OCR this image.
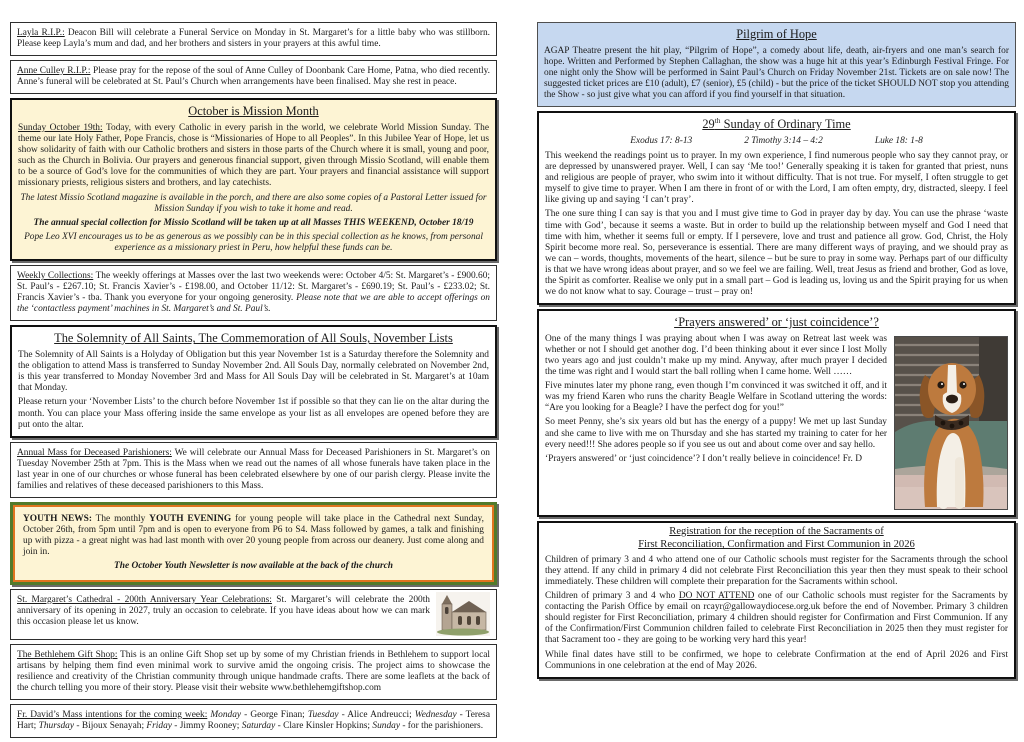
Layla R.I.P.: Deacon Bill will celebrate a Funeral Service on Monday in St. Margaret’s for a little baby who was stillborn. Please keep Layla’s mum and dad, and her brothers and sisters in your prayers at this awful time.

Anne Culley R.I.P.: Please pray for the repose of the soul of Anne Culley of Doonbank Care Home, Patna, who died recently. Anne’s funeral will be celebrated at St. Paul’s Church when arrangements have been finalised. May she rest in peace.

October is Mission Month

Sunday October 19th: Today, with every Catholic in every parish in the world, we celebrate World Mission Sunday. The theme our late Holy Father, Pope Francis, chose is “Missionaries of Hope to all Peoples”. In this Jubilee Year of Hope, let us show solidarity of faith with our Catholic brothers and sisters in those parts of the Church where it is small, young and poor, such as the Church in Bolivia. Our prayers and generous financial support, given through Missio Scotland, will enable them to be a source of God’s love for the communities of which they are part. Your prayers and financial assistance will support missionary priests, religious sisters and brothers, and lay catechists.

The latest Missio Scotland magazine is available in the porch, and there are also some copies of a Pastoral Letter issued for Mission Sunday if you wish to take it home and read.

The annual special collection for Missio Scotland will be taken up at all Masses THIS WEEKEND, October 18/19

Pope Leo XVI encourages us to be as generous as we possibly can be in this special collection as he knows, from personal experience as a missionary priest in Peru, how helpful these funds can be.

Weekly Collections: The weekly offerings at Masses over the last two weekends were: October 4/5: St. Margaret’s - £900.60; St. Paul’s - £267.10; St. Francis Xavier’s - £198.00, and October 11/12: St. Margaret’s - £690.19; St. Paul’s - £233.02; St. Francis Xavier’s - tba. Thank you everyone for your ongoing generosity. Please note that we are able to accept offerings on the ‘contactless payment’ machines in St. Margaret’s and St. Paul’s.

The Solemnity of All Saints, The Commemoration of All Souls, November Lists

The Solemnity of All Saints is a Holyday of Obligation but this year November 1st is a Saturday therefore the Solemnity and the obligation to attend Mass is transferred to Sunday November 2nd. All Souls Day, normally celebrated on November 2nd, is this year transferred to Monday November 3rd and Mass for All Souls Day will be celebrated in St. Margaret’s at 10am that Monday.

Please return your ‘November Lists’ to the church before November 1st if possible so that they can lie on the altar during the month. You can place your Mass offering inside the same envelope as your list as all envelopes are opened before they are put onto the altar.

Annual Mass for Deceased Parishioners: We will celebrate our Annual Mass for Deceased Parishioners in St. Margaret’s on Tuesday November 25th at 7pm. This is the Mass when we read out the names of all whose funerals have taken place in the last year in one of our churches or whose funeral has been celebrated elsewhere by one of our parish clergy. Please invite the families and relatives of these deceased parishioners to this Mass.

YOUTH NEWS: The monthly YOUTH EVENING for young people will take place in the Cathedral next Sunday, October 26th, from 5pm until 7pm and is open to everyone from P6 to S4. Mass followed by games, a talk and finishing up with pizza - a great night was had last month with over 20 young people from across our deanery. Just come along and join in.

The October Youth Newsletter is now available at the back of the church

St. Margaret’s Cathedral - 200th Anniversary Year Celebrations: St. Margaret’s will celebrate the 200th anniversary of its opening in 2027, truly an occasion to celebrate. If you have ideas about how we can mark this occasion please let us know.

The Bethlehem Gift Shop: This is an online Gift Shop set up by some of my Christian friends in Bethlehem to support local artisans by helping them find even minimal work to survive amid the ongoing crisis. The project aims to showcase the resilience and creativity of the Christian community through unique handmade crafts. There are some leaflets at the back of the church telling you more of their story. Please visit their website www.bethlehemgiftshop.com

Fr. David’s Mass intentions for the coming week: Monday - George Finan; Tuesday - Alice Andreucci; Wednesday - Teresa Hart; Thursday - Bijoux Senayah; Friday - Jimmy Rooney; Saturday - Clare Kinsler Hopkins; Sunday - for the parishioners.

Pilgrim of Hope

AGAP Theatre present the hit play, “Pilgrim of Hope”, a comedy about life, death, air-fryers and one man’s search for hope. Written and Performed by Stephen Callaghan, the show was a huge hit at this year’s Edinburgh Festival Fringe. For one night only the Show will be performed in Saint Paul’s Church on Friday November 21st. Tickets are on sale now! The suggested ticket prices are £10 (adult), £7 (senior), £5 (child) - but the price of the ticket SHOULD NOT stop you attending the Show - so just give what you can afford if you find yourself in that situation.

29th Sunday of Ordinary Time
Exodus 17: 8-13	2 Timothy 3:14 – 4:2	Luke 18: 1-8

This weekend the readings point us to prayer. In my own experience, I find numerous people who say they cannot pray, or are depressed by unanswered prayer. Well, I can say ‘Me too!’ Generally speaking it is taken for granted that priest, nuns and religious are people of prayer, who swim into it without difficulty. That is not true. For myself, I often struggle to get myself to give time to prayer. When I am there in front of or with the Lord, I am often empty, dry, distracted, sleepy. I feel like giving up and saying ‘I can’t pray’.

The one sure thing I can say is that you and I must give time to God in prayer day by day. You can use the phrase ‘waste time with God’, because it seems a waste. But in order to build up the relationship between myself and God I need that time with him, whether it seems full or empty. If I persevere, love and trust and patience all grow. God, Christ, the Holy Spirit become more real. So, perseverance is essential. There are many different ways of praying, and we should pray as we can – words, thoughts, movements of the heart, silence – but be sure to pray in some way. Perhaps part of our difficulty is that we have wrong ideas about prayer, and so we feel we are failing. Well, treat Jesus as friend and brother, God as love, the Spirit as comforter. Realise we only put in a small part – God is leading us, loving us and the Spirit praying for us when we do not know what to say. Courage – trust – pray on!

‘Prayers answered’ or ‘just coincidence’?

One of the many things I was praying about when I was away on Retreat last week was whether or not I should get another dog. I’d been thinking about it ever since I lost Molly two years ago and just couldn’t make up my mind. Anyway, after much prayer I decided the time was right and I would start the ball rolling when I came home. Well ……

Five minutes later my phone rang, even though I’m convinced it was switched it off, and it was my friend Karen who runs the charity Beagle Welfare in Scotland uttering the words: “Are you looking for a Beagle? I have the perfect dog for you!”

So meet Penny, she’s six years old but has the energy of a puppy! We met up last Sunday and she came to live with me on Thursday and she has started my training to cater for her every need!!! She adores people so if you see us out and about come over and say hello.

‘Prayers answered’ or ‘just coincidence’? I don’t really believe in coincidence! Fr. D

Registration for the reception of the Sacraments of
First Reconciliation, Confirmation and First Communion in 2026

Children of primary 3 and 4 who attend one of our Catholic schools must register for the Sacraments through the school they attend. If any child in primary 4 did not celebrate First Reconciliation this year then they must speak to their school immediately. These children will complete their preparation for the Sacraments within school.

Children of primary 3 and 4 who DO NOT ATTEND one of our Catholic schools must register for the Sacraments by contacting the Parish Office by email on rcayr@gallowaydiocese.org.uk before the end of November. Primary 3 children should register for First Reconciliation, primary 4 children should register for Confirmation and First Communion. If any of the Confirmation/First Communion children failed to celebrate First Reconciliation in 2025 then they must register for that Sacrament too - they are going to be working very hard this year!

While final dates have still to be confirmed, we hope to celebrate Confirmation at the end of April 2026 and First Communions in one celebration at the end of May 2026.
